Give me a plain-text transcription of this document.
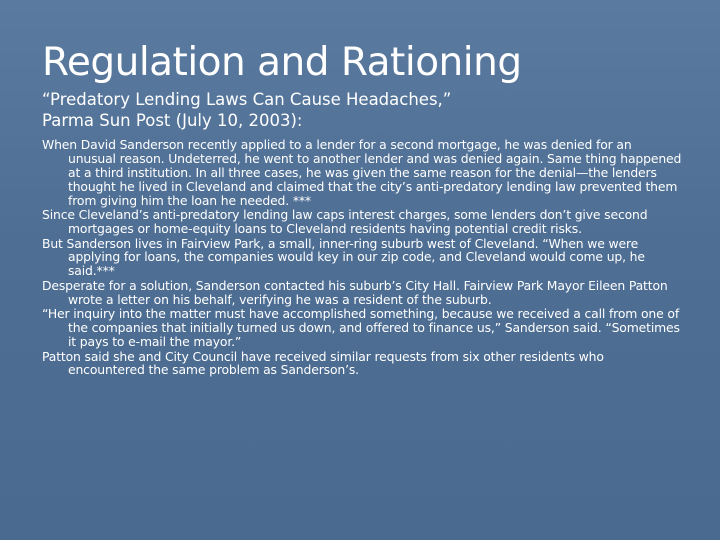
Regulation and Rationing
“Predatory Lending Laws Can Cause Headaches,”
Parma Sun Post (July 10, 2003):
When David Sanderson recently applied to a lender for a second mortgage, he was denied for an unusual reason. Undeterred, he went to another lender and was denied again. Same thing happened at a third institution. In all three cases, he was given the same reason for the denial—the lenders thought he lived in Cleveland and claimed that the city’s anti-predatory lending law prevented them from giving him the loan he needed. ***
Since Cleveland’s anti-predatory lending law caps interest charges, some lenders don’t give second mortgages or home-equity loans to Cleveland residents having potential credit risks.
But Sanderson lives in Fairview Park, a small, inner-ring suburb west of Cleveland. “When we were applying for loans, the companies would key in our zip code, and Cleveland would come up, he said.***
Desperate for a solution, Sanderson contacted his suburb’s City Hall. Fairview Park Mayor Eileen Patton wrote a letter on his behalf, verifying he was a resident of the suburb.
“Her inquiry into the matter must have accomplished something, because we received a call from one of the companies that initially turned us down, and offered to finance us,” Sanderson said. “Sometimes it pays to e-mail the mayor.”
Patton said she and City Council have received similar requests from six other residents who encountered the same problem as Sanderson’s.
